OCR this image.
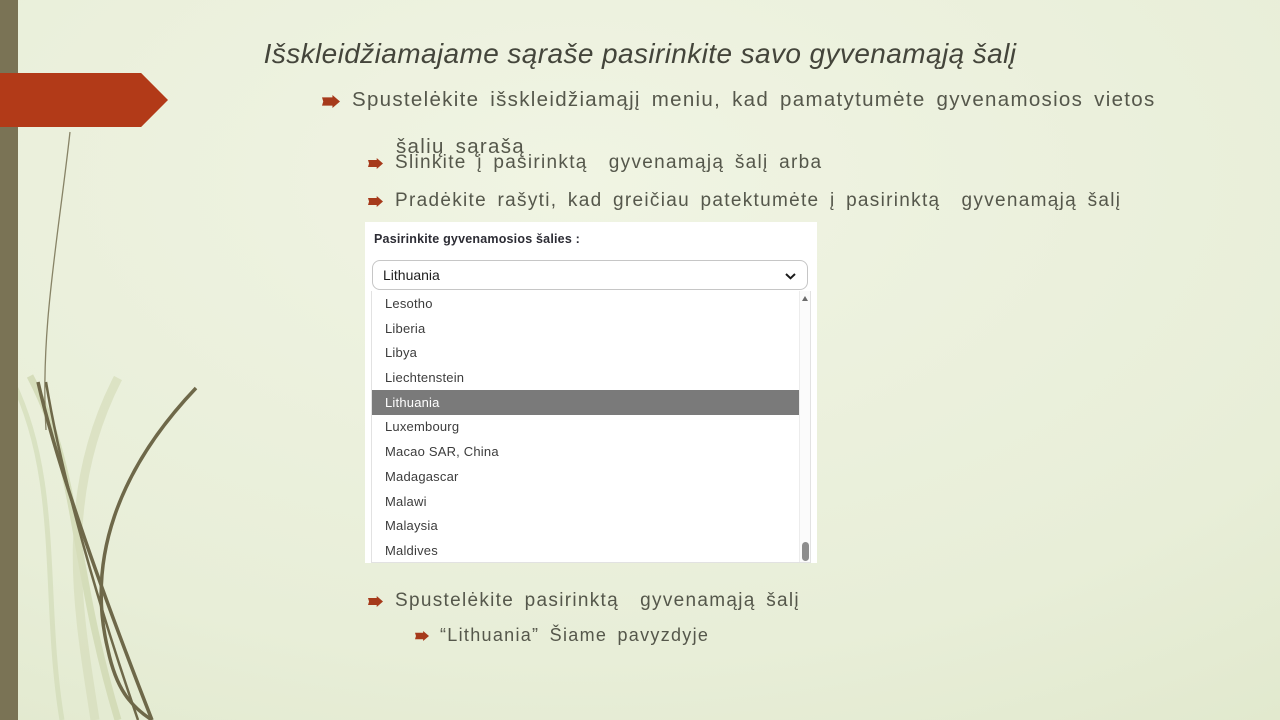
Išskleidžiamajame sąraše pasirinkite savo gyvenamąją šalį
Spustelėkite išskleidžiamąjį meniu, kad pamatytumėte gyvenamosios vietos

šalių sąrašą
Slinkite į pasirinktą  gyvenamąją šalį arba
Pradėkite rašyti, kad greičiau patektumėte į pasirinktą  gyvenamąją šalį
Pasirinkite gyvenamosios šalies :
Lithuania
Lesotho
Liberia
Libya
Liechtenstein
Lithuania
Luxembourg
Macao SAR, China
Madagascar
Malawi
Malaysia
Maldives
Spustelėkite pasirinktą  gyvenamąją šalį
“Lithuania” Šiame pavyzdyje
